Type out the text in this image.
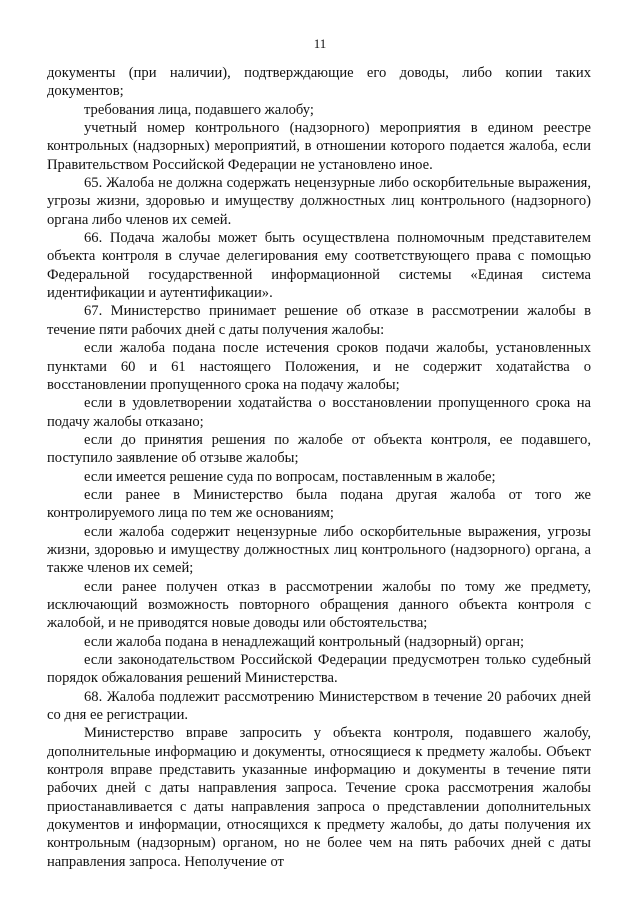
11

документы (при наличии), подтверждающие его доводы, либо копии таких документов;

требования лица, подавшего жалобу;

учетный номер контрольного (надзорного) мероприятия в едином реестре контрольных (надзорных) мероприятий, в отношении которого подается жалоба, если Правительством Российской Федерации не установлено иное.

65. Жалоба не должна содержать нецензурные либо оскорбительные выражения, угрозы жизни, здоровью и имуществу должностных лиц контрольного (надзорного) органа либо членов их семей.

66. Подача жалобы может быть осуществлена полномочным представителем объекта контроля в случае делегирования ему соответствующего права с помощью Федеральной государственной информационной системы «Единая система идентификации и аутентификации».

67. Министерство принимает решение об отказе в рассмотрении жалобы в течение пяти рабочих дней с даты получения жалобы:

если жалоба подана после истечения сроков подачи жалобы, установленных пунктами 60 и 61 настоящего Положения, и не содержит ходатайства о восстановлении пропущенного срока на подачу жалобы;

если в удовлетворении ходатайства о восстановлении пропущенного срока на подачу жалобы отказано;

если до принятия решения по жалобе от объекта контроля, ее подавшего, поступило заявление об отзыве жалобы;

если имеется решение суда по вопросам, поставленным в жалобе;

если ранее в Министерство была подана другая жалоба от того же контролируемого лица по тем же основаниям;

если жалоба содержит нецензурные либо оскорбительные выражения, угрозы жизни, здоровью и имуществу должностных лиц контрольного (надзорного) органа, а также членов их семей;

если ранее получен отказ в рассмотрении жалобы по тому же предмету, исключающий возможность повторного обращения данного объекта контроля с жалобой, и не приводятся новые доводы или обстоятельства;

если жалоба подана в ненадлежащий контрольный (надзорный) орган;

если законодательством Российской Федерации предусмотрен только судебный порядок обжалования решений Министерства.

68. Жалоба подлежит рассмотрению Министерством в течение 20 рабочих дней со дня ее регистрации.

Министерство вправе запросить у объекта контроля, подавшего жалобу, дополнительные информацию и документы, относящиеся к предмету жалобы. Объект контроля вправе представить указанные информацию и документы в течение пяти рабочих дней с даты направления запроса. Течение срока рассмотрения жалобы приостанавливается с даты направления запроса о представлении дополнительных документов и информации, относящихся к предмету жалобы, до даты получения их контрольным (надзорным) органом, но не более чем на пять рабочих дней с даты направления запроса. Неполучение от
